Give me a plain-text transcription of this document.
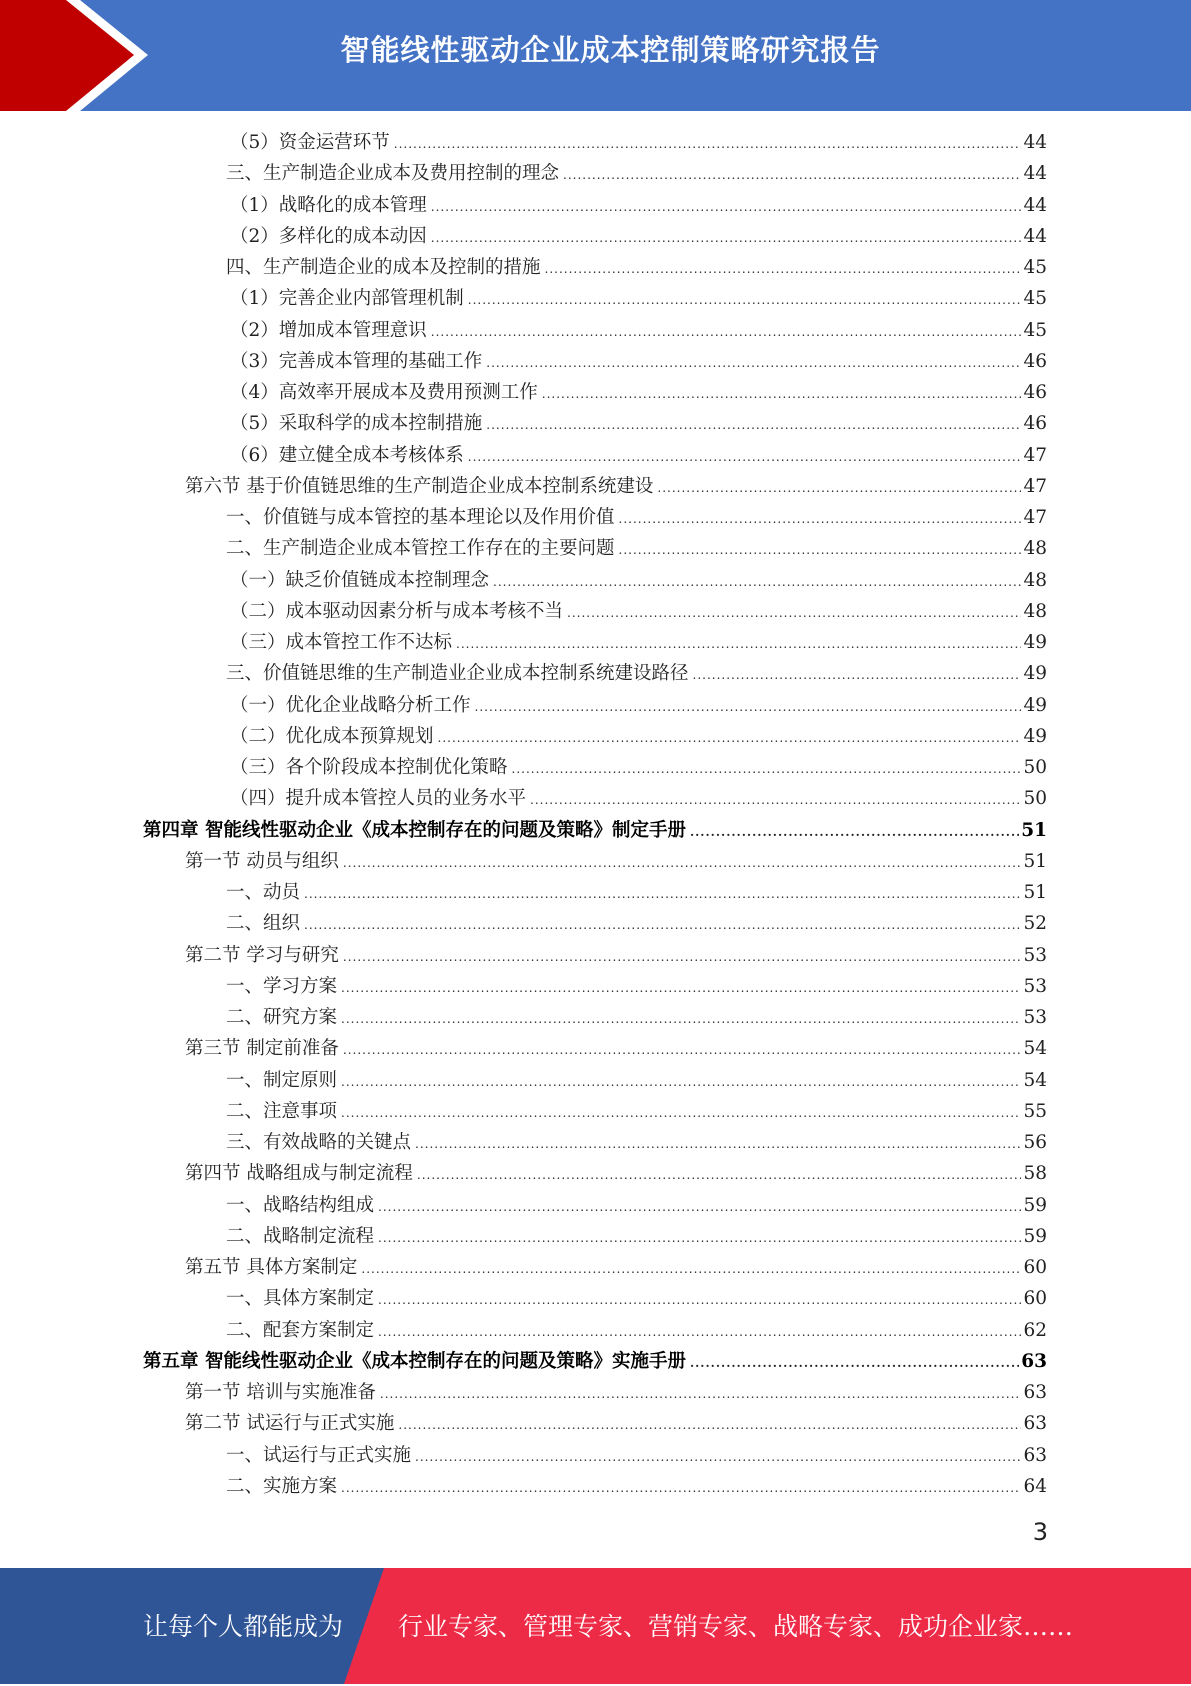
智能线性驱动企业成本控制策略研究报告
（5）资金运营环节 .....	44
三、生产制造企业成本及费用控制的理念 .....	44
（1）战略化的成本管理 .....	44
（2）多样化的成本动因 .....	44
四、生产制造企业的成本及控制的措施 .....	45
（1）完善企业内部管理机制 .....	45
（2）增加成本管理意识 .....	45
（3）完善成本管理的基础工作 .....	46
（4）高效率开展成本及费用预测工作 .....	46
（5）采取科学的成本控制措施 .....	46
（6）建立健全成本考核体系 .....	47
第六节 基于价值链思维的生产制造企业成本控制系统建设 .....	47
一、价值链与成本管控的基本理论以及作用价值 .....	47
二、生产制造企业成本管控工作存在的主要问题 .....	48
（一）缺乏价值链成本控制理念 .....	48
（二）成本驱动因素分析与成本考核不当 .....	48
（三）成本管控工作不达标 .....	49
三、价值链思维的生产制造业企业成本控制系统建设路径 .....	49
（一）优化企业战略分析工作 .....	49
（二）优化成本预算规划 .....	49
（三）各个阶段成本控制优化策略 .....	50
（四）提升成本管控人员的业务水平 .....	50
第四章 智能线性驱动企业《成本控制存在的问题及策略》制定手册 .....	51
第一节 动员与组织 .....	51
一、动员 .....	51
二、组织 .....	52
第二节 学习与研究 .....	53
一、学习方案 .....	53
二、研究方案 .....	53
第三节 制定前准备 .....	54
一、制定原则 .....	54
二、注意事项 .....	55
三、有效战略的关键点 .....	56
第四节 战略组成与制定流程 .....	58
一、战略结构组成 .....	59
二、战略制定流程 .....	59
第五节 具体方案制定 .....	60
一、具体方案制定 .....	60
二、配套方案制定 .....	62
第五章 智能线性驱动企业《成本控制存在的问题及策略》实施手册 .....	63
第一节 培训与实施准备 .....	63
第二节 试运行与正式实施 .....	63
一、试运行与正式实施 .....	63
二、实施方案 .....	64
3
让每个人都能成为 行业专家、管理专家、营销专家、战略专家、成功企业家……
